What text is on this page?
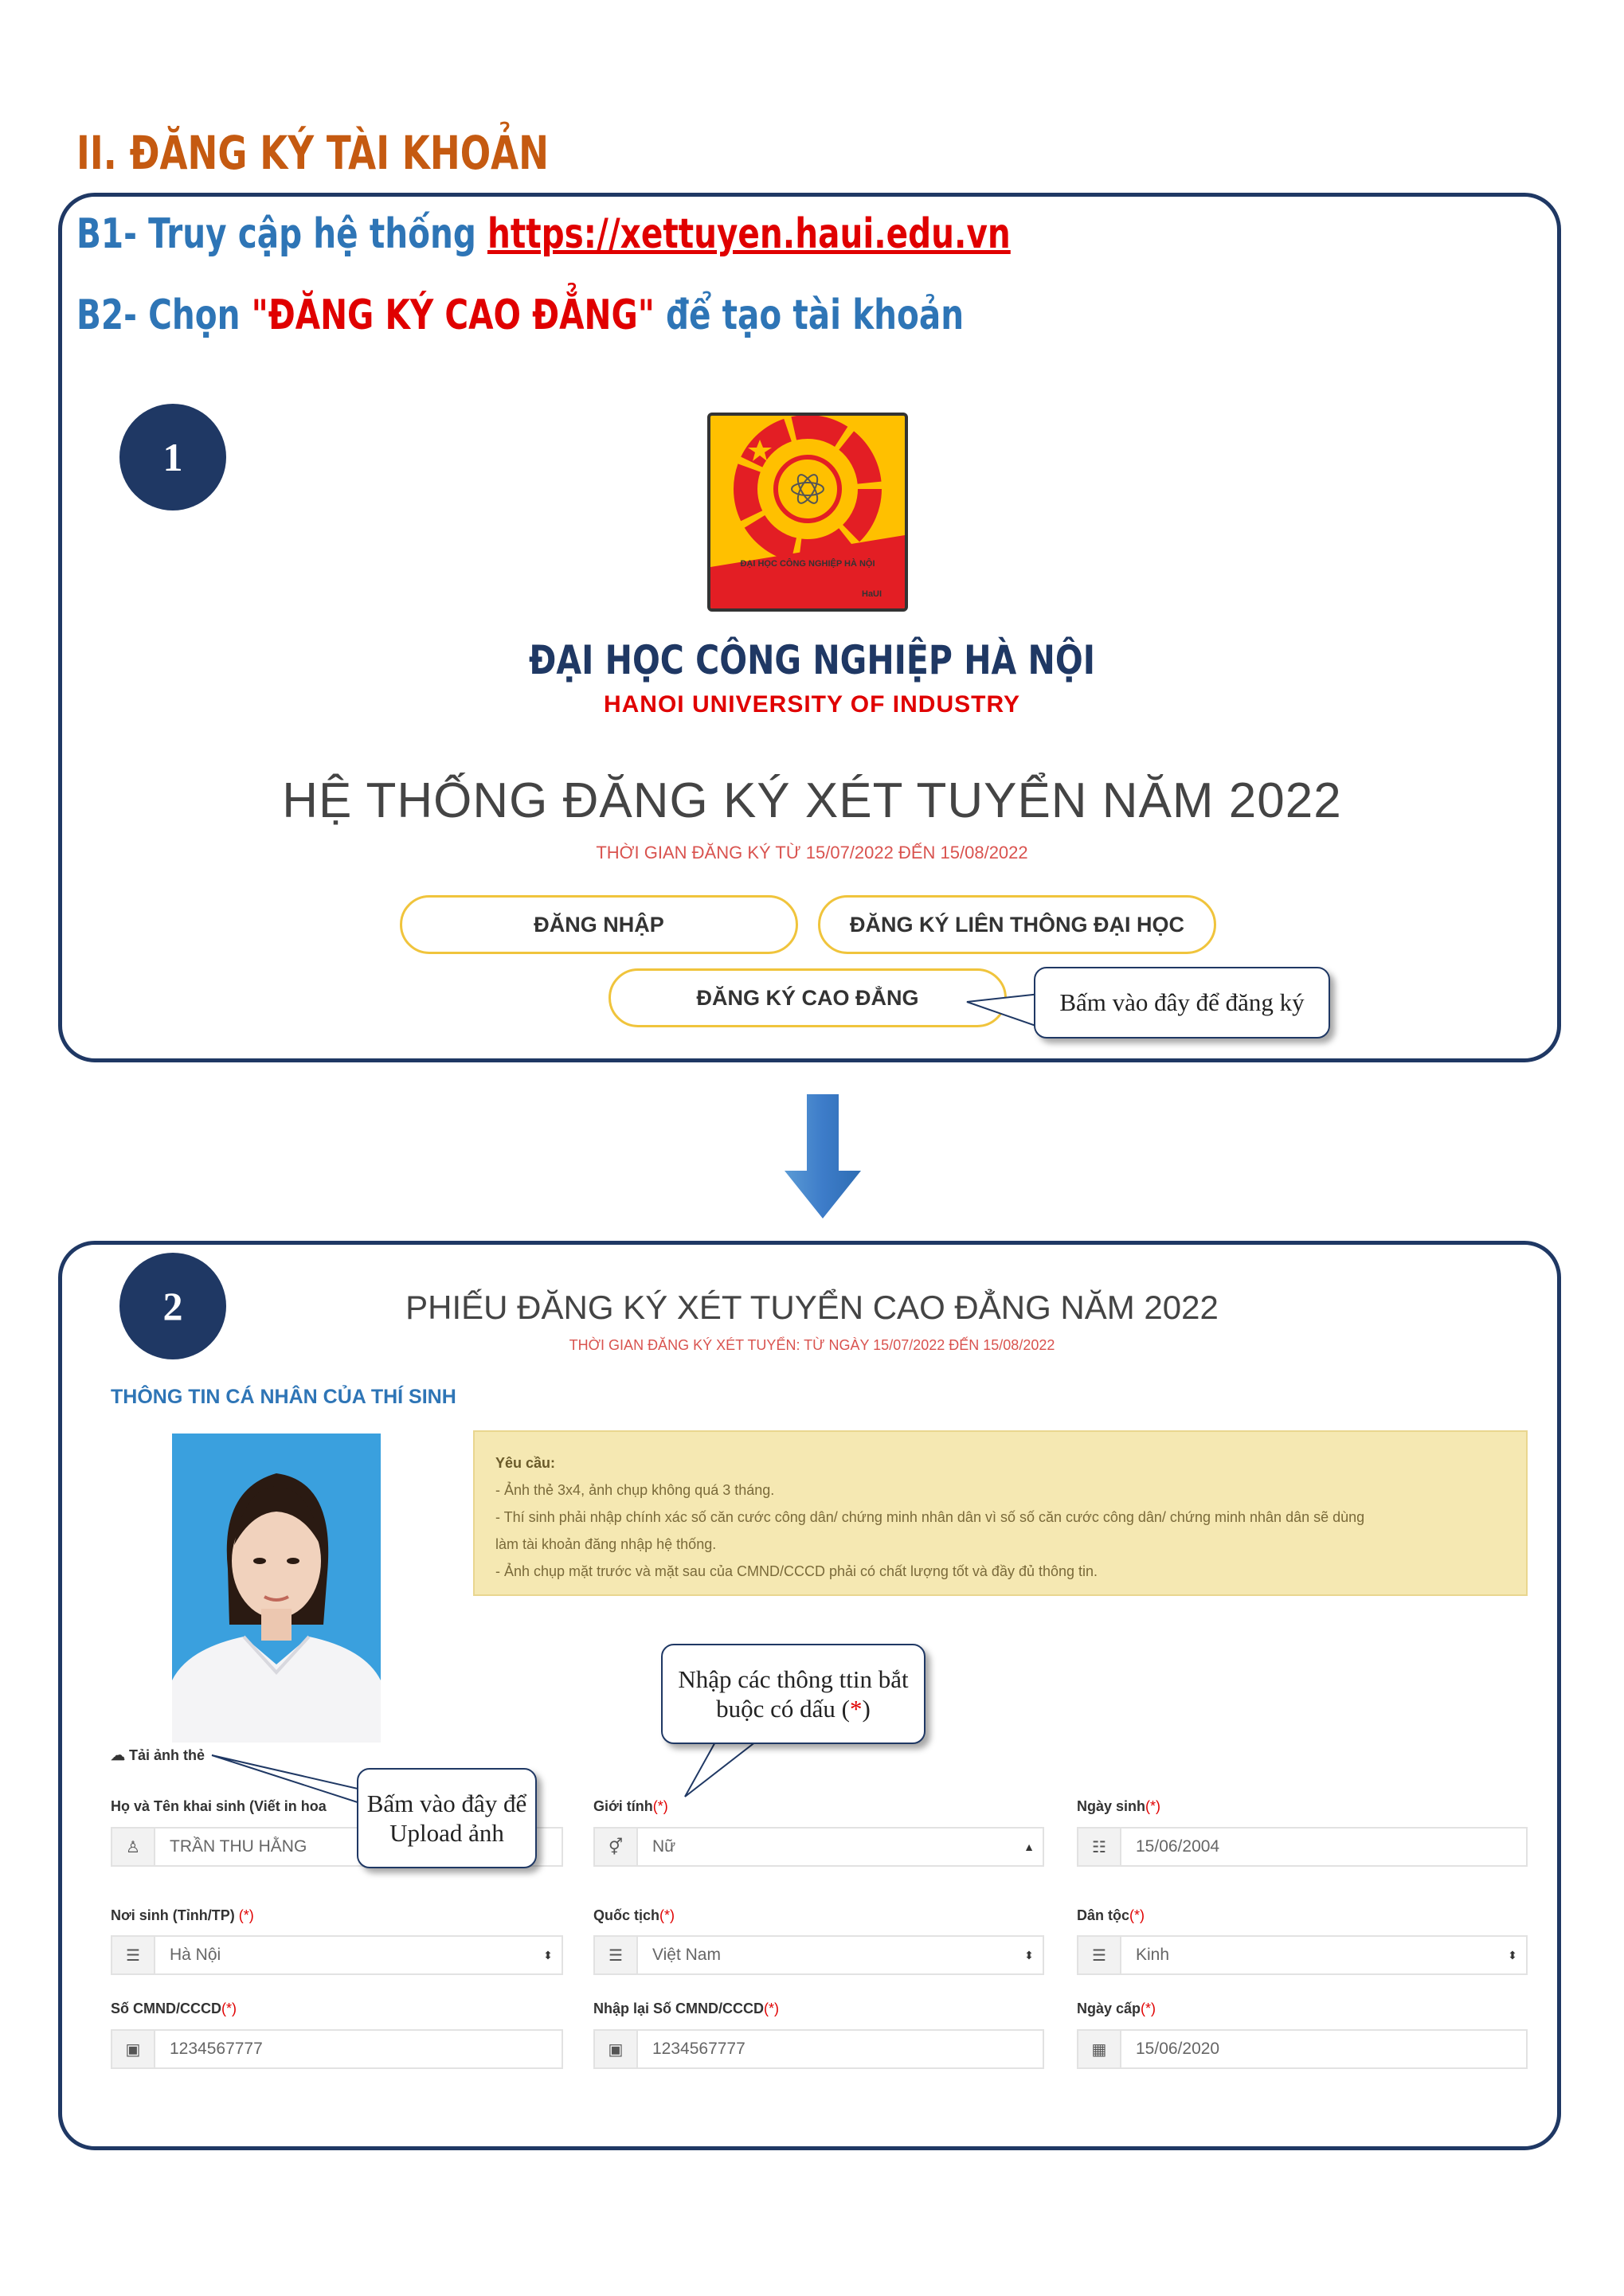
II. ĐĂNG KÝ TÀI KHOẢN
B1- Truy cập hệ thống https://xettuyen.haui.edu.vn
B2- Chọn "ĐĂNG KÝ CAO ĐẲNG" để tạo tài khoản
1
ĐẠI HỌC CÔNG NGHIỆP HÀ NỘI
HaUI
ĐẠI HỌC CÔNG NGHIỆP HÀ NỘI
HANOI UNIVERSITY OF INDUSTRY
HỆ THỐNG ĐĂNG KÝ XÉT TUYỂN NĂM 2022
THỜI GIAN ĐĂNG KÝ TỪ 15/07/2022 ĐẾN 15/08/2022
ĐĂNG NHẬP	ĐĂNG KÝ LIÊN THÔNG ĐẠI HỌC
ĐĂNG KÝ CAO ĐẲNG	Bấm vào đây để đăng ký
2	PHIẾU ĐĂNG KÝ XÉT TUYỂN CAO ĐẲNG NĂM 2022
THỜI GIAN ĐĂNG KÝ XÉT TUYỂN: TỪ NGÀY 15/07/2022 ĐẾN 15/08/2022
THÔNG TIN CÁ NHÂN CỦA THÍ SINH
Yêu cầu:
- Ảnh thẻ 3x4, ảnh chụp không quá 3 tháng.
- Thí sinh phải nhập chính xác số căn cước công dân/ chứng minh nhân dân vì số số căn cước công dân/ chứng minh nhân dân sẽ dùng
làm tài khoản đăng nhập hệ thống.
- Ảnh chụp mặt trước và mặt sau của CMND/CCCD phải có chất lượng tốt và đầy đủ thông tin.
☁ Tải ảnh thẻ
Họ và Tên khai sinh (Viết in hoa	Giới tính(*)	Ngày sinh(*)
♙	TRẦN THU HẰNG	⚥	Nữ	▲	☷	15/06/2004
Nơi sinh (Tỉnh/TP) (*)	Quốc tịch(*)	Dân tộc(*)
☰	Hà Nội	⬍	☰	Việt Nam	⬍	☰	Kinh	⬍
Số CMND/CCCD(*)	Nhập lại Số CMND/CCCD(*)	Ngày cấp(*)
▣	1234567777	▣	1234567777	▦	15/06/2020
Bấm vào đây để Upload ảnh
Nhập các thông ttin bắt buộc có dấu (*)
